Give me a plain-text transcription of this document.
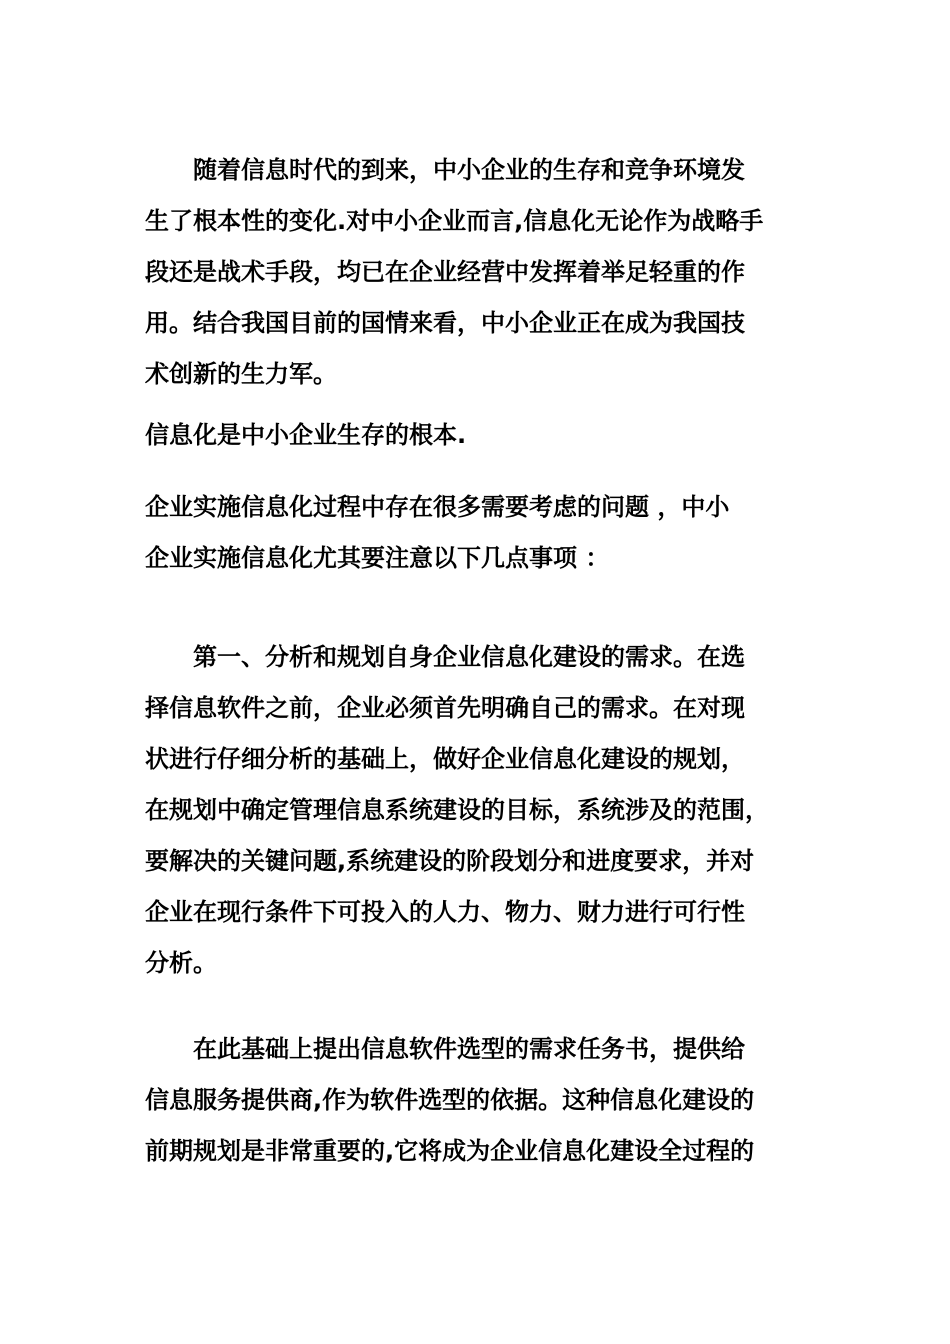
　　随着信息时代的到来，中小企业的生存和竞争环境发
生了根本性的变化.对中小企业而言,信息化无论作为战略手
段还是战术手段，均已在企业经营中发挥着举足轻重的作
用。结合我国目前的国情来看，中小企业正在成为我国技
术创新的生力军。

信息化是中小企业生存的根本.

企业实施信息化过程中存在很多需要考虑的问题 ，中小
企业实施信息化尤其要注意以下几点事项 ：

　　第一、分析和规划自身企业信息化建设的需求。在选
择信息软件之前，企业必须首先明确自己的需求。在对现
状进行仔细分析的基础上，做好企业信息化建设的规划，
在规划中确定管理信息系统建设的目标，系统涉及的范围，
要解决的关键问题,系统建设的阶段划分和进度要求，并对
企业在现行条件下可投入的人力、物力、财力进行可行性
分析。

　　在此基础上提出信息软件选型的需求任务书，提供给
信息服务提供商,作为软件选型的依据。这种信息化建设的
前期规划是非常重要的,它将成为企业信息化建设全过程的
